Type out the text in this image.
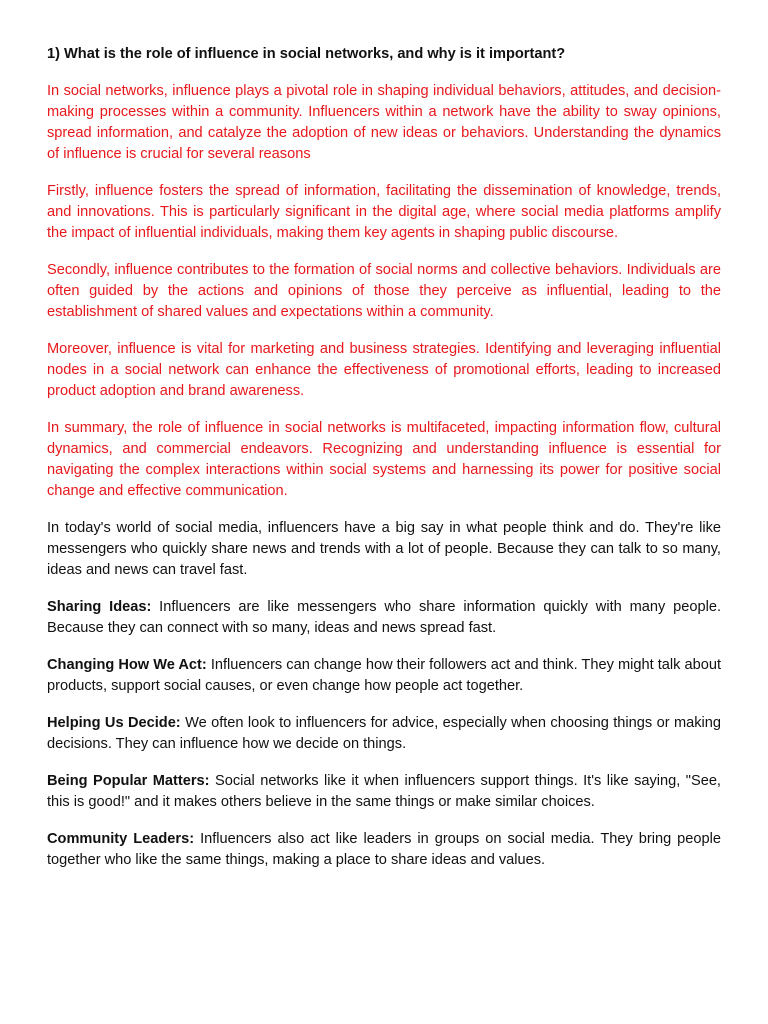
1) What is the role of influence in social networks, and why is it important?

In social networks, influence plays a pivotal role in shaping individual behaviors, attitudes, and decision-making processes within a community. Influencers within a network have the ability to sway opinions, spread information, and catalyze the adoption of new ideas or behaviors. Understanding the dynamics of influence is crucial for several reasons

Firstly, influence fosters the spread of information, facilitating the dissemination of knowledge, trends, and innovations. This is particularly significant in the digital age, where social media platforms amplify the impact of influential individuals, making them key agents in shaping public discourse.

Secondly, influence contributes to the formation of social norms and collective behaviors. Individuals are often guided by the actions and opinions of those they perceive as influential, leading to the establishment of shared values and expectations within a community.

Moreover, influence is vital for marketing and business strategies. Identifying and leveraging influential nodes in a social network can enhance the effectiveness of promotional efforts, leading to increased product adoption and brand awareness.

In summary, the role of influence in social networks is multifaceted, impacting information flow, cultural dynamics, and commercial endeavors. Recognizing and understanding influence is essential for navigating the complex interactions within social systems and harnessing its power for positive social change and effective communication.

In today's world of social media, influencers have a big say in what people think and do. They're like messengers who quickly share news and trends with a lot of people. Because they can talk to so many, ideas and news can travel fast.

Sharing Ideas: Influencers are like messengers who share information quickly with many people. Because they can connect with so many, ideas and news spread fast.

Changing How We Act: Influencers can change how their followers act and think. They might talk about products, support social causes, or even change how people act together.

Helping Us Decide: We often look to influencers for advice, especially when choosing things or making decisions. They can influence how we decide on things.

Being Popular Matters: Social networks like it when influencers support things. It's like saying, "See, this is good!" and it makes others believe in the same things or make similar choices.

Community Leaders: Influencers also act like leaders in groups on social media. They bring people together who like the same things, making a place to share ideas and values.
